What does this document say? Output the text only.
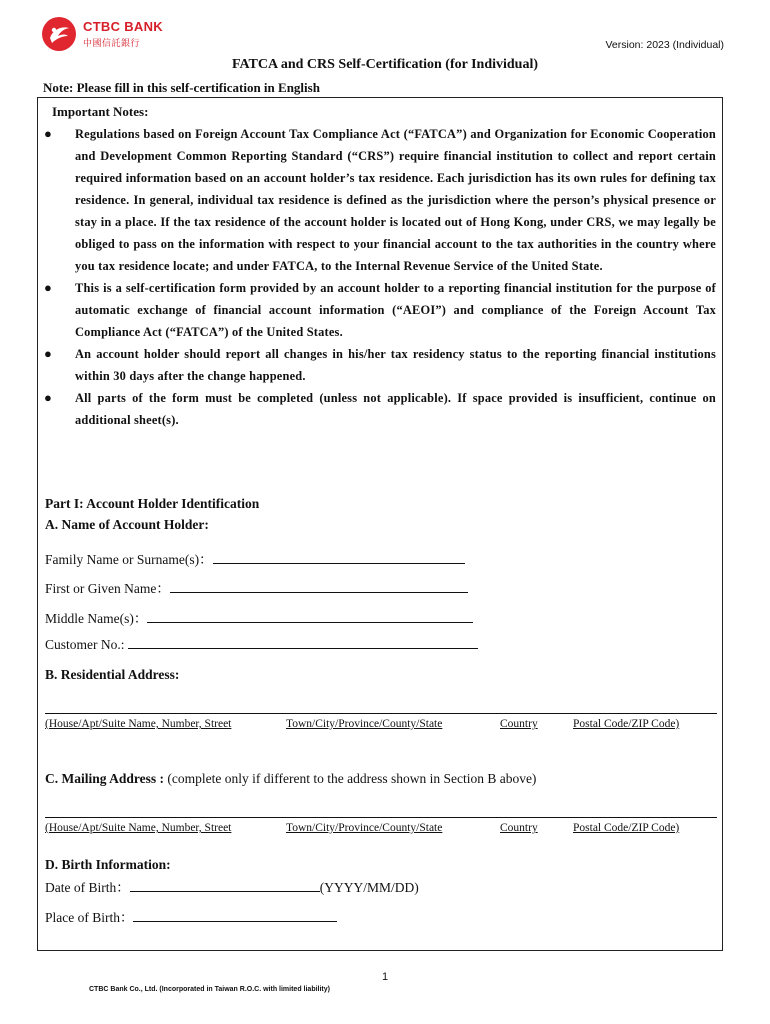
CTBC BANK
中國信託銀行	Version: 2023 (Individual)
FATCA and CRS Self-Certification (for Individual)
Note: Please fill in this self-certification in English
Important Notes:
● Regulations based on Foreign Account Tax Compliance Act (“FATCA”) and Organization for Economic Cooperation and Development Common Reporting Standard (“CRS”) require financial institution to collect and report certain required information based on an account holder’s tax residence. Each jurisdiction has its own rules for defining tax residence. In general, individual tax residence is defined as the jurisdiction where the person’s physical presence or stay in a place. If the tax residence of the account holder is located out of Hong Kong, under CRS, we may legally be obliged to pass on the information with respect to your financial account to the tax authorities in the country where you tax residence locate; and under FATCA, to the Internal Revenue Service of the United State.
● This is a self-certification form provided by an account holder to a reporting financial institution for the purpose of automatic exchange of financial account information (“AEOI”) and compliance of the Foreign Account Tax Compliance Act (“FATCA”) of the United States.
● An account holder should report all changes in his/her tax residency status to the reporting financial institutions within 30 days after the change happened.
● All parts of the form must be completed (unless not applicable). If space provided is insufficient, continue on additional sheet(s).
Part I: Account Holder Identification
A. Name of Account Holder:
Family Name or Surname(s)：
First or Given Name：
Middle Name(s)：
Customer No.:
B. Residential Address:
(House/Apt/Suite Name, Number, Street	Town/City/Province/County/State	Country	Postal Code/ZIP Code)
C. Mailing Address : (complete only if different to the address shown in Section B above)
(House/Apt/Suite Name, Number, Street	Town/City/Province/County/State	Country	Postal Code/ZIP Code)
D. Birth Information:
Date of Birth：	(YYYY/MM/DD)
Place of Birth：
1
CTBC Bank Co., Ltd. (Incorporated in Taiwan R.O.C. with limited liability)
